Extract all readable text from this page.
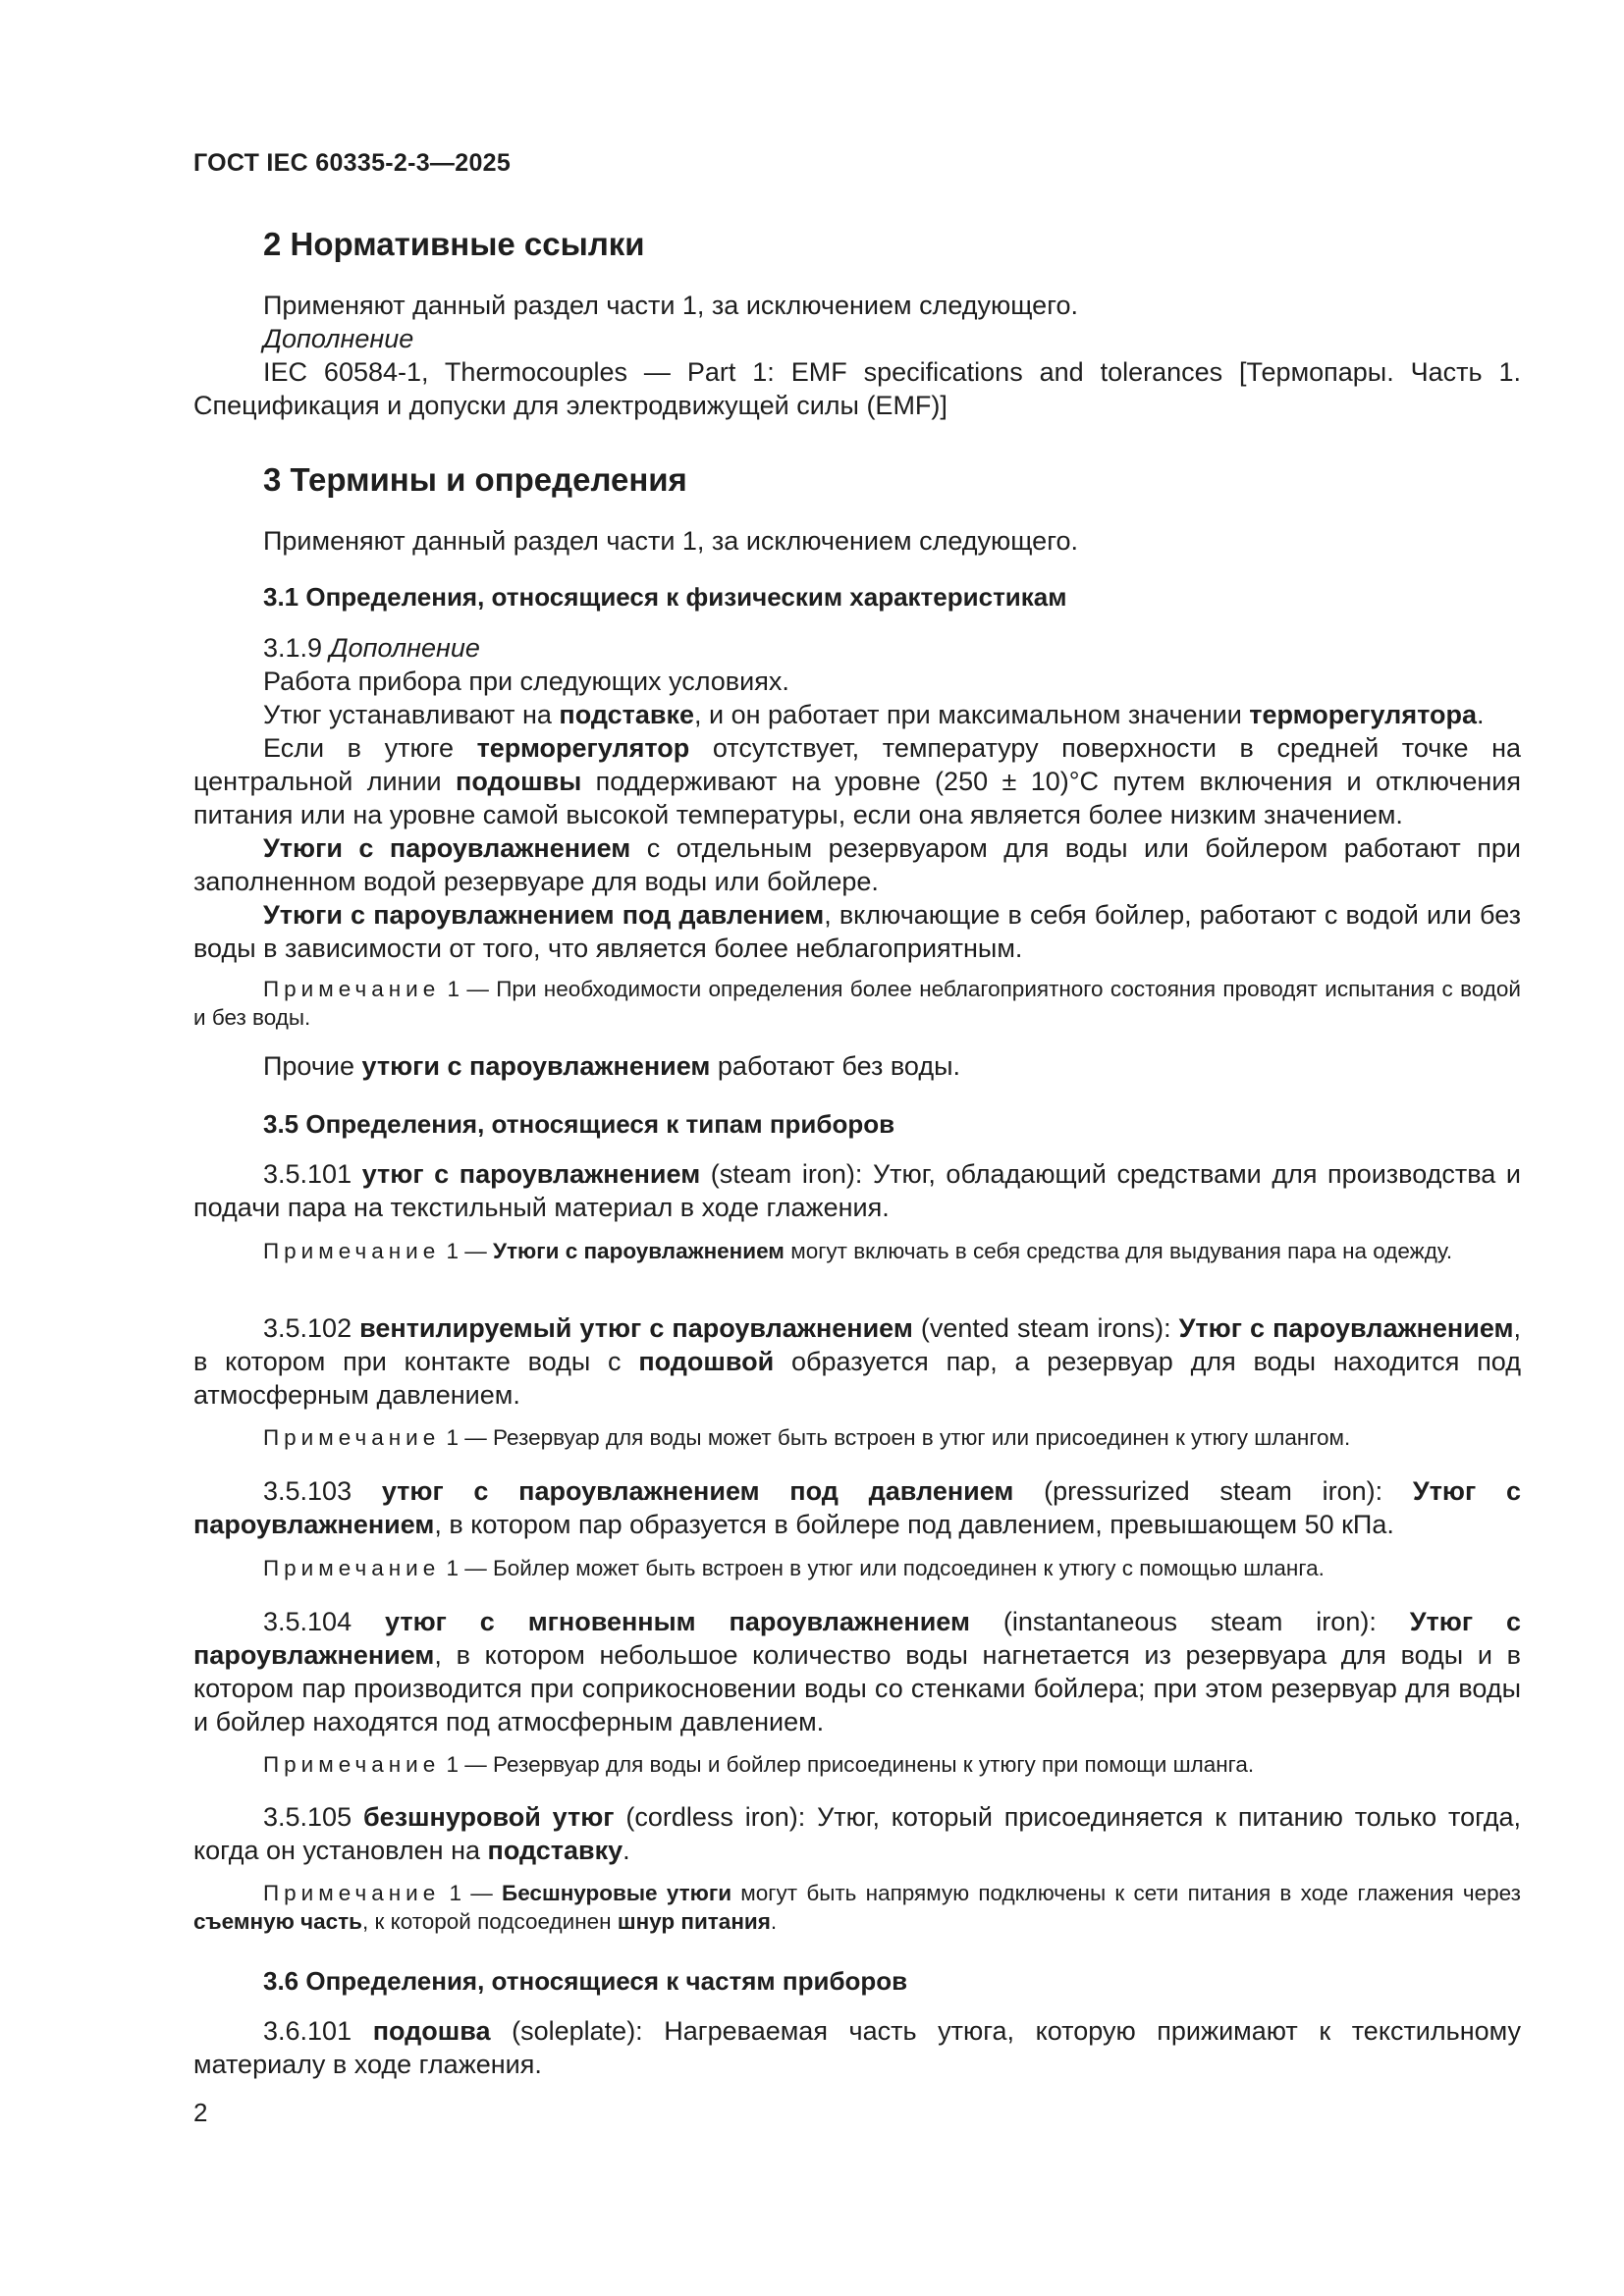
ГОСТ IEC 60335-2-3—2025
2 Нормативные ссылки
Применяют данный раздел части 1, за исключением следующего.
Дополнение
IEC 60584-1, Thermocouples — Part 1: EMF specifications and tolerances [Термопары. Часть 1. Спецификация и допуски для электродвижущей силы (EMF)]
3 Термины и определения
Применяют данный раздел части 1, за исключением следующего.
3.1 Определения, относящиеся к физическим характеристикам
3.1.9 Дополнение
Работа прибора при следующих условиях.
Утюг устанавливают на подставке, и он работает при максимальном значении терморегулятора.
Если в утюге терморегулятор отсутствует, температуру поверхности в средней точке на центральной линии подошвы поддерживают на уровне (250 ± 10)°С путем включения и отключения питания или на уровне самой высокой температуры, если она является более низким значением.
Утюги с пароувлажнением с отдельным резервуаром для воды или бойлером работают при заполненном водой резервуаре для воды или бойлере.
Утюги с пароувлажнением под давлением, включающие в себя бойлер, работают с водой или без воды в зависимости от того, что является более неблагоприятным.
Примечание 1 — При необходимости определения более неблагоприятного состояния проводят испытания с водой и без воды.
Прочие утюги с пароувлажнением работают без воды.
3.5 Определения, относящиеся к типам приборов
3.5.101 утюг с пароувлажнением (steam iron): Утюг, обладающий средствами для производства и подачи пара на текстильный материал в ходе глажения.
Примечание 1 — Утюги с пароувлажнением могут включать в себя средства для выдувания пара на одежду.
3.5.102 вентилируемый утюг с пароувлажнением (vented steam irons): Утюг с пароувлажнением, в котором при контакте воды с подошвой образуется пар, а резервуар для воды находится под атмосферным давлением.
Примечание 1 — Резервуар для воды может быть встроен в утюг или присоединен к утюгу шлангом.
3.5.103 утюг с пароувлажнением под давлением (pressurized steam iron): Утюг с пароувлажнением, в котором пар образуется в бойлере под давлением, превышающем 50 кПа.
Примечание 1 — Бойлер может быть встроен в утюг или подсоединен к утюгу с помощью шланга.
3.5.104 утюг с мгновенным пароувлажнением (instantaneous steam iron): Утюг с пароувлажнением, в котором небольшое количество воды нагнетается из резервуара для воды и в котором пар производится при соприкосновении воды со стенками бойлера; при этом резервуар для воды и бойлер находятся под атмосферным давлением.
Примечание 1 — Резервуар для воды и бойлер присоединены к утюгу при помощи шланга.
3.5.105 безшнуровой утюг (cordless iron): Утюг, который присоединяется к питанию только тогда, когда он установлен на подставку.
Примечание 1 — Бесшнуровые утюги могут быть напрямую подключены к сети питания в ходе глажения через съемную часть, к которой подсоединен шнур питания.
3.6 Определения, относящиеся к частям приборов
3.6.101 подошва (soleplate): Нагреваемая часть утюга, которую прижимают к текстильному материалу в ходе глажения.
2
